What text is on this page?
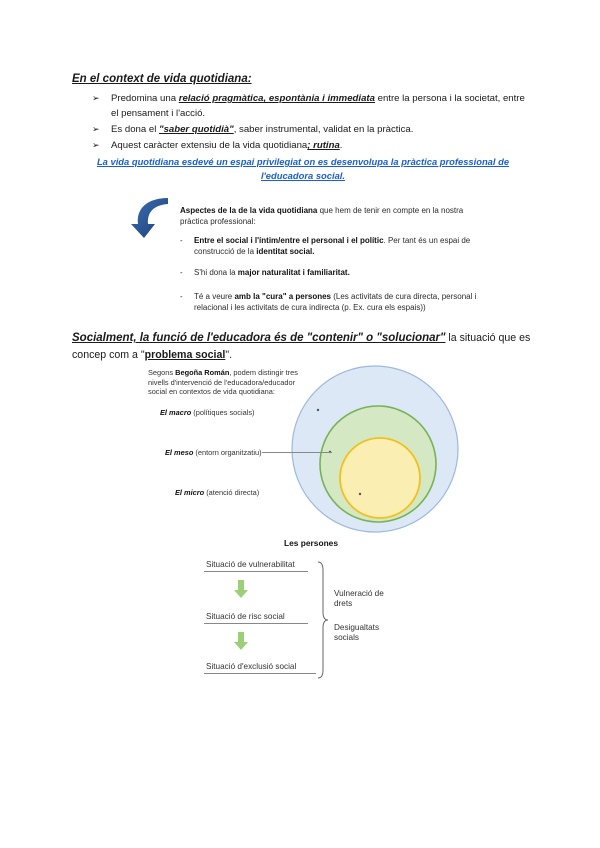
En el context de vida quotidiana:
➢	Predomina una relació pragmàtica, espontània i immediata entre la persona i la societat, entre el pensament i l'acció.
➢	Es dona el "saber quotidià", saber instrumental, validat en la pràctica.
➢	Aquest caràcter extensiu de la vida quotidiana; rutina.
La vida quotidiana esdevé un espai privilegiat on es desenvolupa la pràctica professional de l'educadora social.
Aspectes de la de la vida quotidiana que hem de tenir en compte en la nostra pràctica professional:
- Entre el social i l'íntim/entre el personal i el polític. Per tant és un espai de construcció de la identitat social.
- S'hi dona la major naturalitat i familiaritat.
- Té a veure amb la "cura" a persones (Les activitats de cura directa, personal i relacional i les activitats de cura indirecta (p. Ex. cura els espais))
Socialment, la funció de l'educadora és de "contenir" o "solucionar" la situació que es concep com a "problema social".
Segons Begoña Román, podem distingir tres nivells d'intervenció de l'educadora/educador social en contextos de vida quotidiana:
El macro (polítiques socials)
El meso (entorn organitzatiu)
El micro (atenció directa)
Les persones
Situació de vulnerabilitat
Situació de risc social
Situació d'exclusió social
Vulneració de drets
Desigualtats socials
